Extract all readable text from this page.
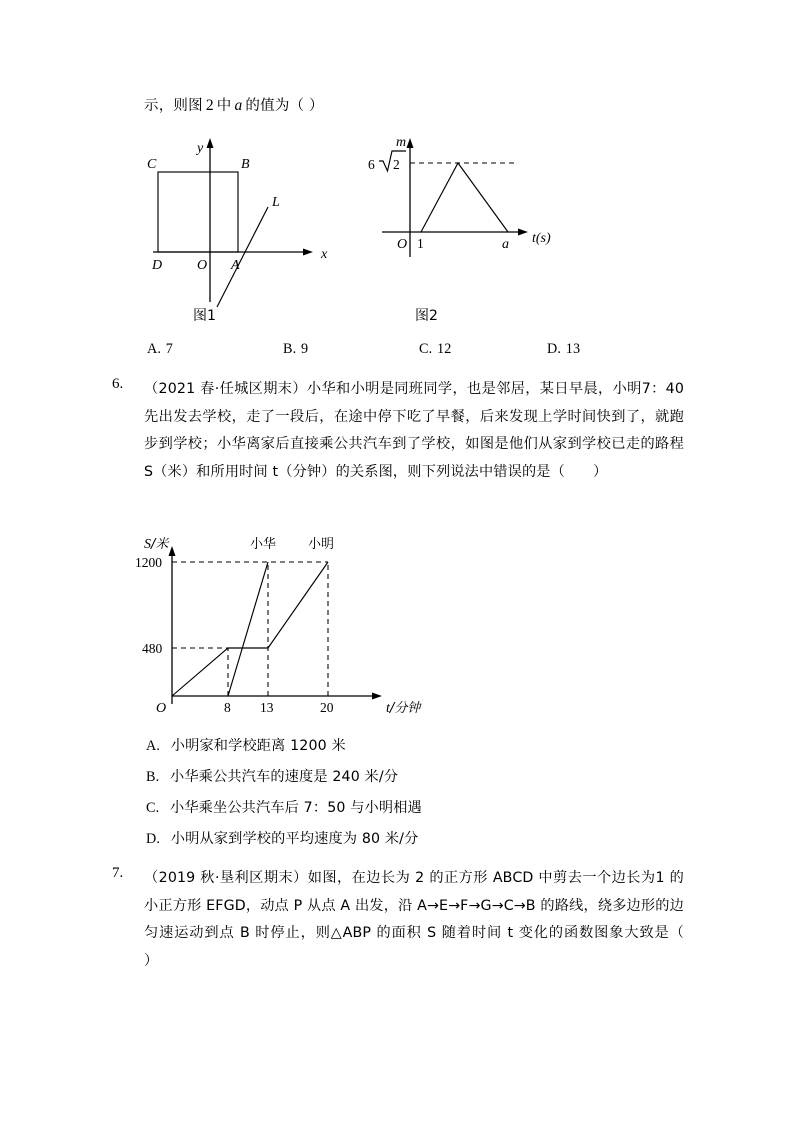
示，则图 2 中 a 的值为（ ）
y
x
C	B
D	A
O
L
图1
m
t(s)
O 1	a
6 2
图2
A. 7	B. 9	C. 12	D. 13
6. （2021 春·任城区期末）小华和小明是同班同学，也是邻居，某日早晨，小明7：40 先出发去学校，走了一段后，在途中停下吃了早餐，后来发现上学时间快到了，就跑步到学校；小华离家后直接乘公共汽车到了学校，如图是他们从家到学校已走的路程 S（米）和所用时间 t（分钟）的关系图，则下列说法中错误的是（      ）
S/米
t/分钟
O
1200
480
8 13	20
小华 小明
A. 小明家和学校距离 1200 米
B. 小华乘公共汽车的速度是 240 米/分
C. 小华乘坐公共汽车后 7：50 与小明相遇
D. 小明从家到学校的平均速度为 80 米/分
7. （2019 秋·垦利区期末）如图，在边长为 2 的正方形 ABCD 中剪去一个边长为1 的小正方形 EFGD，动点 P 从点 A 出发，沿 A→E→F→G→C→B 的路线，绕多边形的边匀速运动到点 B 时停止，则△ABP 的面积 S 随着时间 t 变化的函数图象大致是（      ）
